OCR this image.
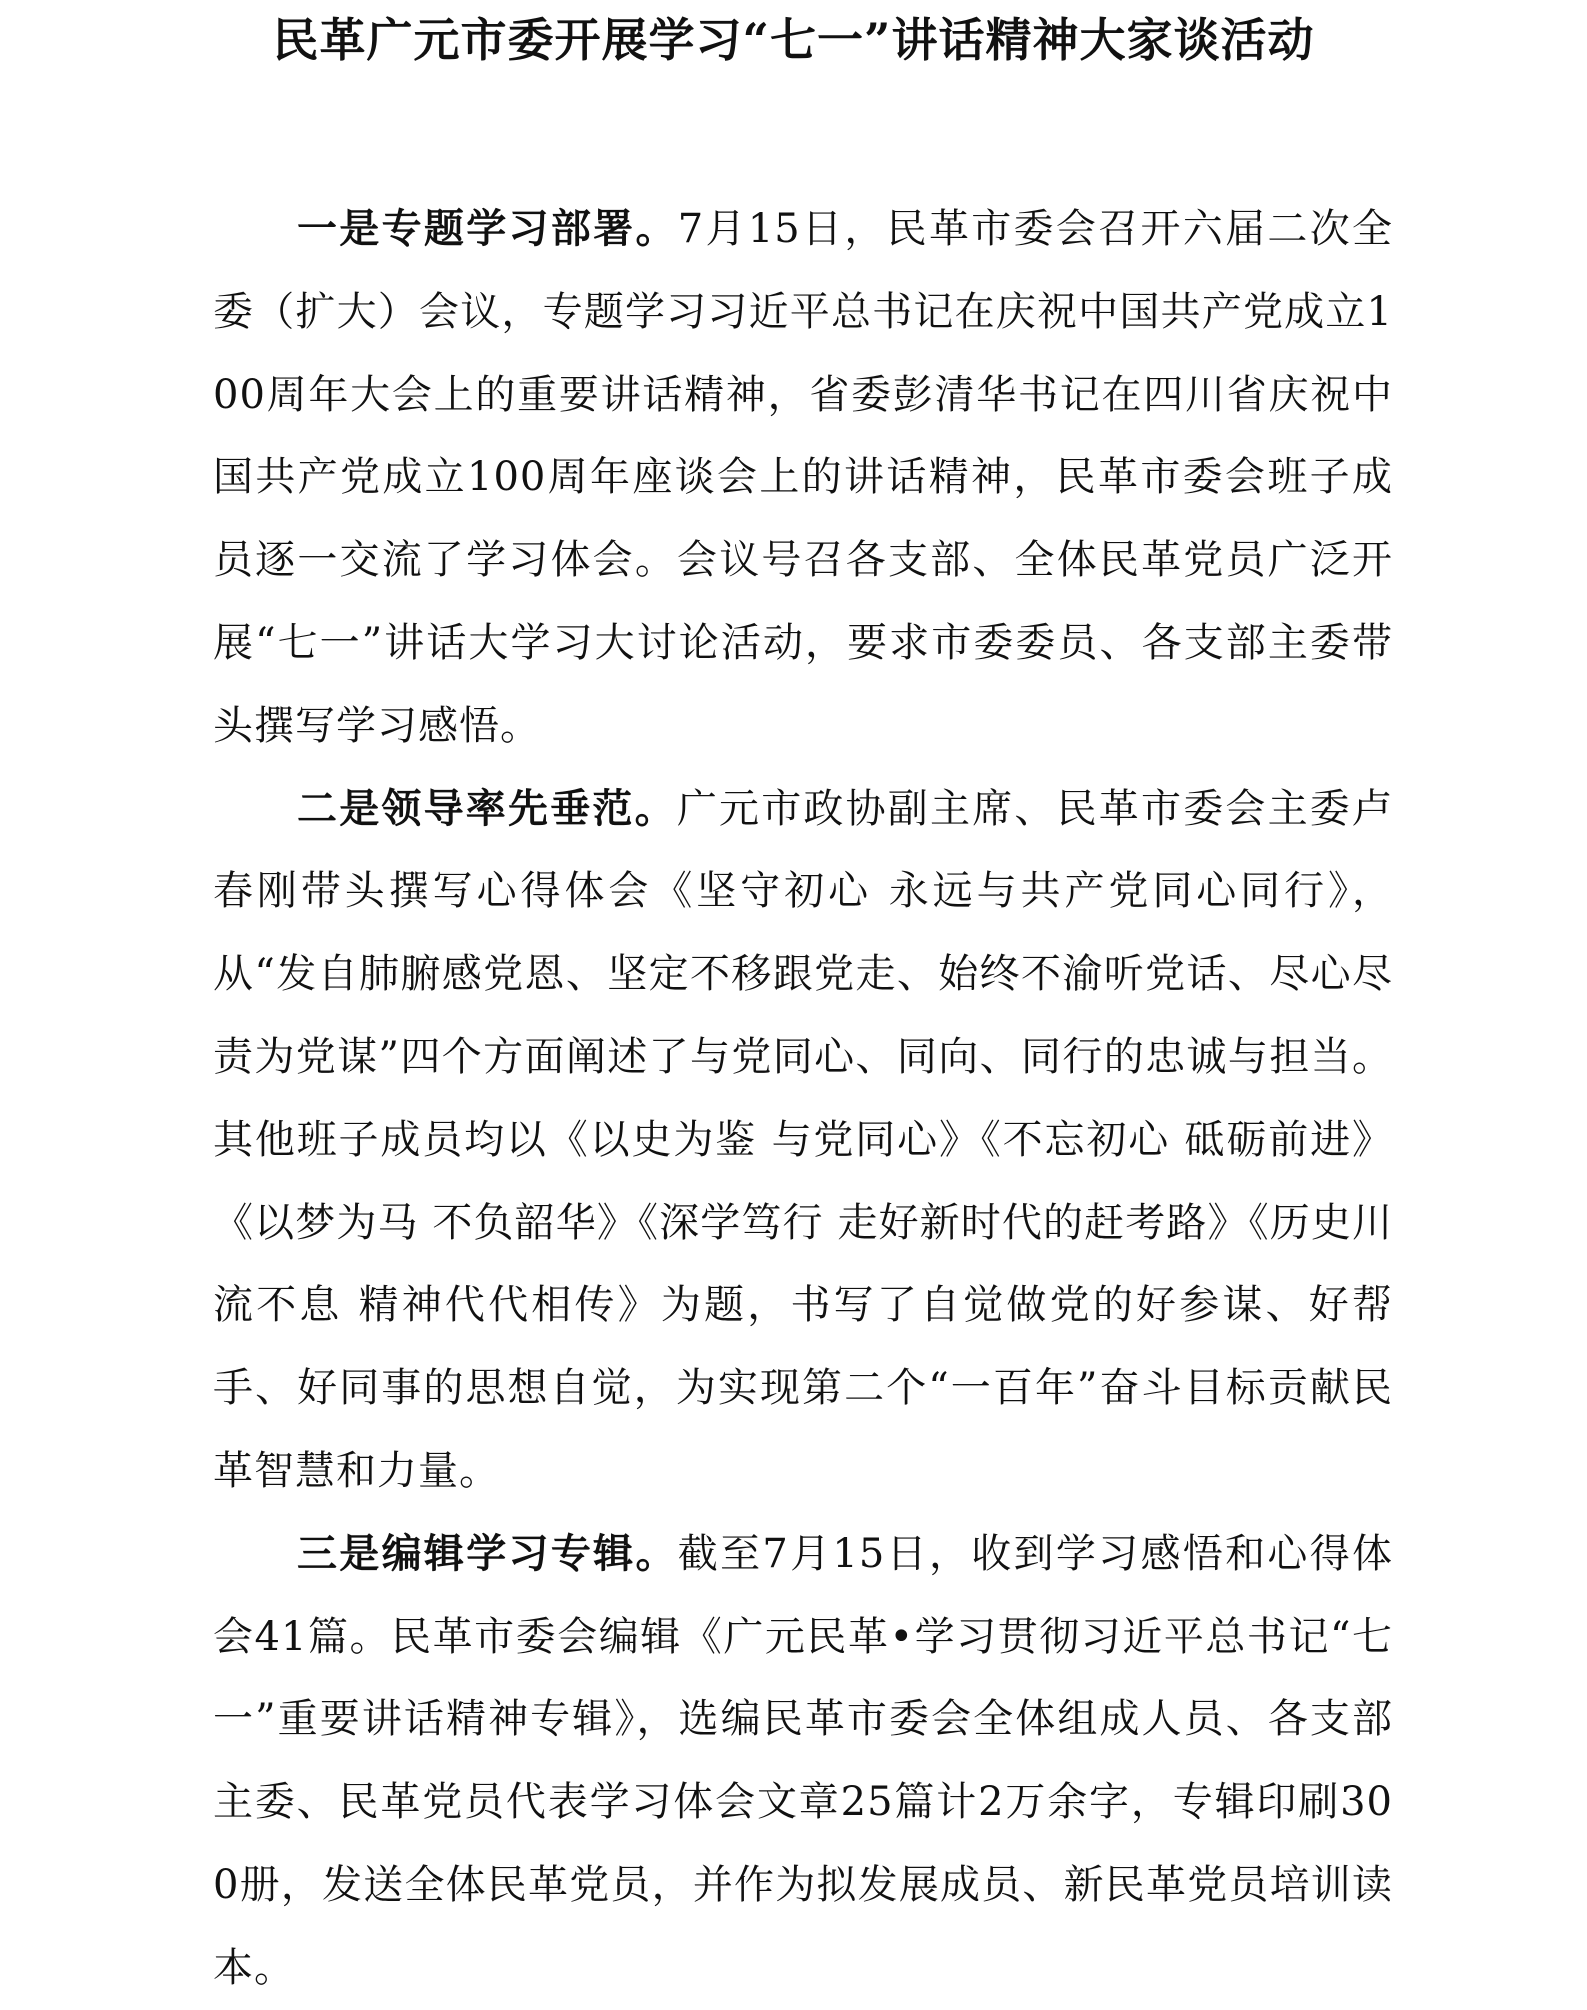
民革广元市委开展学习“七一”讲话精神大家谈活动

一是专题学习部署。7月15日，民革市委会召开六届二次全委（扩大）会议，专题学习习近平总书记在庆祝中国共产党成立100周年大会上的重要讲话精神，省委彭清华书记在四川省庆祝中国共产党成立100周年座谈会上的讲话精神，民革市委会班子成员逐一交流了学习体会。会议号召各支部、全体民革党员广泛开展“七一”讲话大学习大讨论活动，要求市委委员、各支部主委带头撰写学习感悟。

二是领导率先垂范。广元市政协副主席、民革市委会主委卢春刚带头撰写心得体会《坚守初心 永远与共产党同心同行》，从“发自肺腑感党恩、坚定不移跟党走、始终不渝听党话、尽心尽责为党谋”四个方面阐述了与党同心、同向、同行的忠诚与担当。其他班子成员均以《以史为鉴 与党同心》《不忘初心 砥砺前进》《以梦为马 不负韶华》《深学笃行 走好新时代的赶考路》《历史川流不息 精神代代相传》为题，书写了自觉做党的好参谋、好帮手、好同事的思想自觉，为实现第二个“一百年”奋斗目标贡献民革智慧和力量。

三是编辑学习专辑。截至7月15日，收到学习感悟和心得体会41篇。民革市委会编辑《广元民革•学习贯彻习近平总书记“七一”重要讲话精神专辑》，选编民革市委会全体组成人员、各支部主委、民革党员代表学习体会文章25篇计2万余字，专辑印刷300册，发送全体民革党员，并作为拟发展成员、新民革党员培训读本。
